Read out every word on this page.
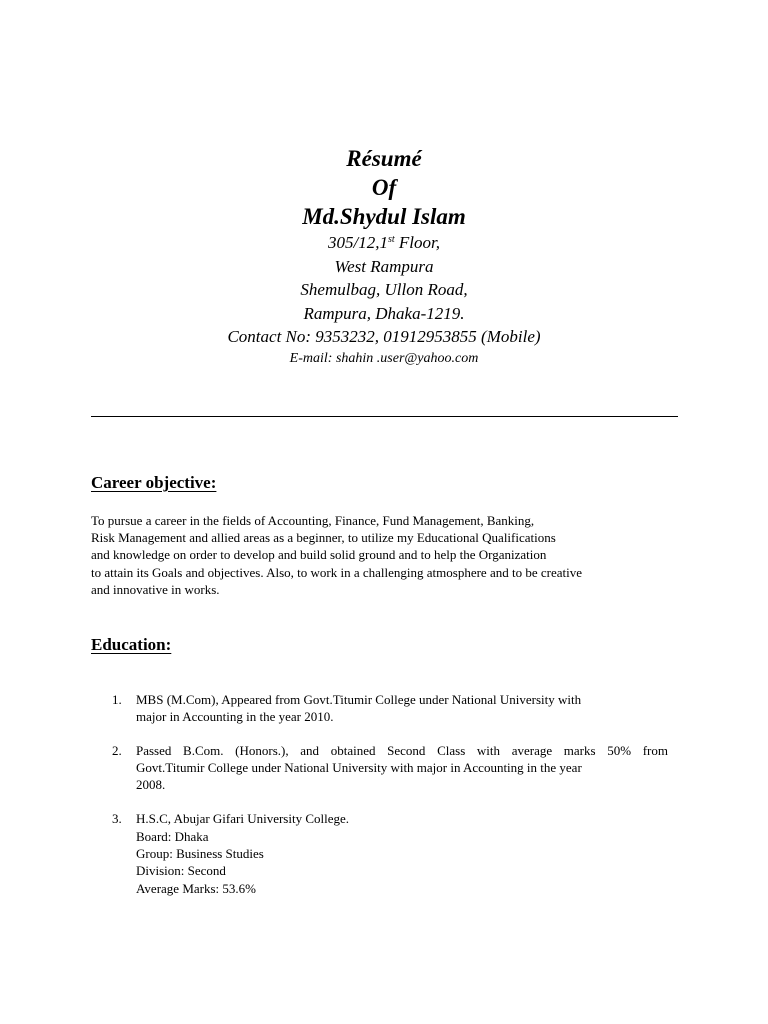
Résumé
Of
Md.Shydul Islam
305/12,1st Floor,
West Rampura
Shemulbag, Ullon Road,
Rampura, Dhaka-1219.
Contact No: 9353232, 01912953855 (Mobile)
E-mail: shahin .user@yahoo.com
Career objective:
To pursue a career in the fields of Accounting, Finance, Fund Management, Banking,
Risk Management and allied areas as a beginner, to utilize my Educational Qualifications
and knowledge on order to develop and build solid ground and to help the Organization
to attain its Goals and objectives. Also, to work in a challenging atmosphere and to be creative
and innovative in works.
Education:
1. MBS (M.Com), Appeared from Govt.Titumir College under National University with
major in Accounting in the year 2010.
2. Passed B.Com. (Honors.), and obtained Second Class with average marks 50% from
Govt.Titumir College under National University with major in Accounting in the year
2008.
3. H.S.C, Abujar Gifari University College.
Board: Dhaka
Group: Business Studies
Division: Second
Average Marks: 53.6%
